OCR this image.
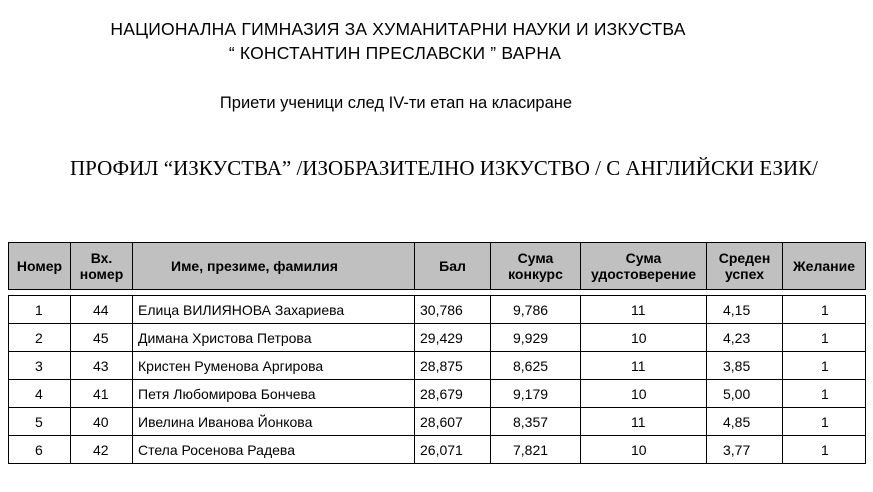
НАЦИОНАЛНА ГИМНАЗИЯ ЗА ХУМАНИТАРНИ НАУКИ И ИЗКУСТВА
“ КОНСТАНТИН ПРЕСЛАВСКИ ” ВАРНА
Приети ученици след IV-ти етап на класиране
ПРОФИЛ “ИЗКУСТВА” /ИЗОБРАЗИТЕЛНО ИЗКУСТВО / С АНГЛИЙСКИ ЕЗИК/
Номер	Вх. номер	Име, презиме, фамилия	Бал	Сума конкурс	Сума удостоверение	Среден успех	Желание
1	44	Елица ВИЛИЯНОВА Захариева	30,786	9,786	11	4,15	1
2	45	Димана Христова Петрова	29,429	9,929	10	4,23	1
3	43	Кристен Руменова Аргирова	28,875	8,625	11	3,85	1
4	41	Петя Любомирова Бончева	28,679	9,179	10	5,00	1
5	40	Ивелина Иванова Йонкова	28,607	8,357	11	4,85	1
6	42	Стела Росенова Радева	26,071	7,821	10	3,77	1
